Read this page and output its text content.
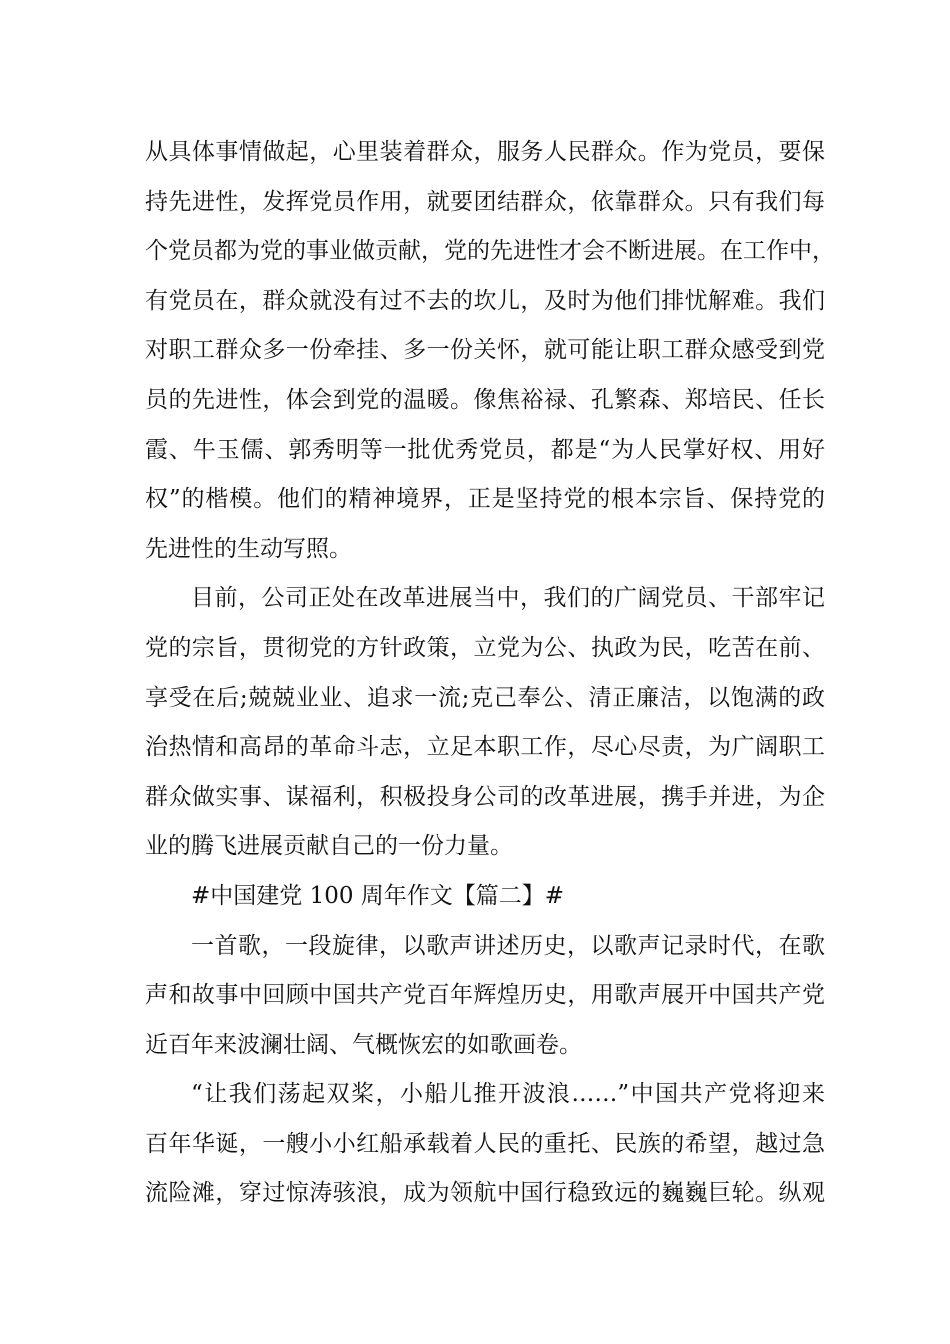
从具体事情做起，心里装着群众，服务人民群众。作为党员，要保
持先进性，发挥党员作用，就要团结群众，依靠群众。只有我们每
个党员都为党的事业做贡献，党的先进性才会不断进展。在工作中，
有党员在，群众就没有过不去的坎儿，及时为他们排忧解难。我们
对职工群众多一份牵挂、多一份关怀，就可能让职工群众感受到党
员的先进性，体会到党的温暖。像焦裕禄、孔繁森、郑培民、任长
霞、牛玉儒、郭秀明等一批优秀党员，都是“为人民掌好权、用好
权”的楷模。他们的精神境界，正是坚持党的根本宗旨、保持党的
先进性的生动写照。
目前，公司正处在改革进展当中，我们的广阔党员、干部牢记
党的宗旨，贯彻党的方针政策，立党为公、执政为民，吃苦在前、
享受在后;兢兢业业、追求一流;克己奉公、清正廉洁，以饱满的政
治热情和高昂的革命斗志，立足本职工作，尽心尽责，为广阔职工
群众做实事、谋福利，积极投身公司的改革进展，携手并进，为企
业的腾飞进展贡献自己的一份力量。
#中国建党 100 周年作文【篇二】#
一首歌，一段旋律，以歌声讲述历史，以歌声记录时代，在歌
声和故事中回顾中国共产党百年辉煌历史，用歌声展开中国共产党
近百年来波澜壮阔、气概恢宏的如歌画卷。
“让我们荡起双桨，小船儿推开波浪……”中国共产党将迎来
百年华诞，一艘小小红船承载着人民的重托、民族的希望，越过急
流险滩，穿过惊涛骇浪，成为领航中国行稳致远的巍巍巨轮。纵观
